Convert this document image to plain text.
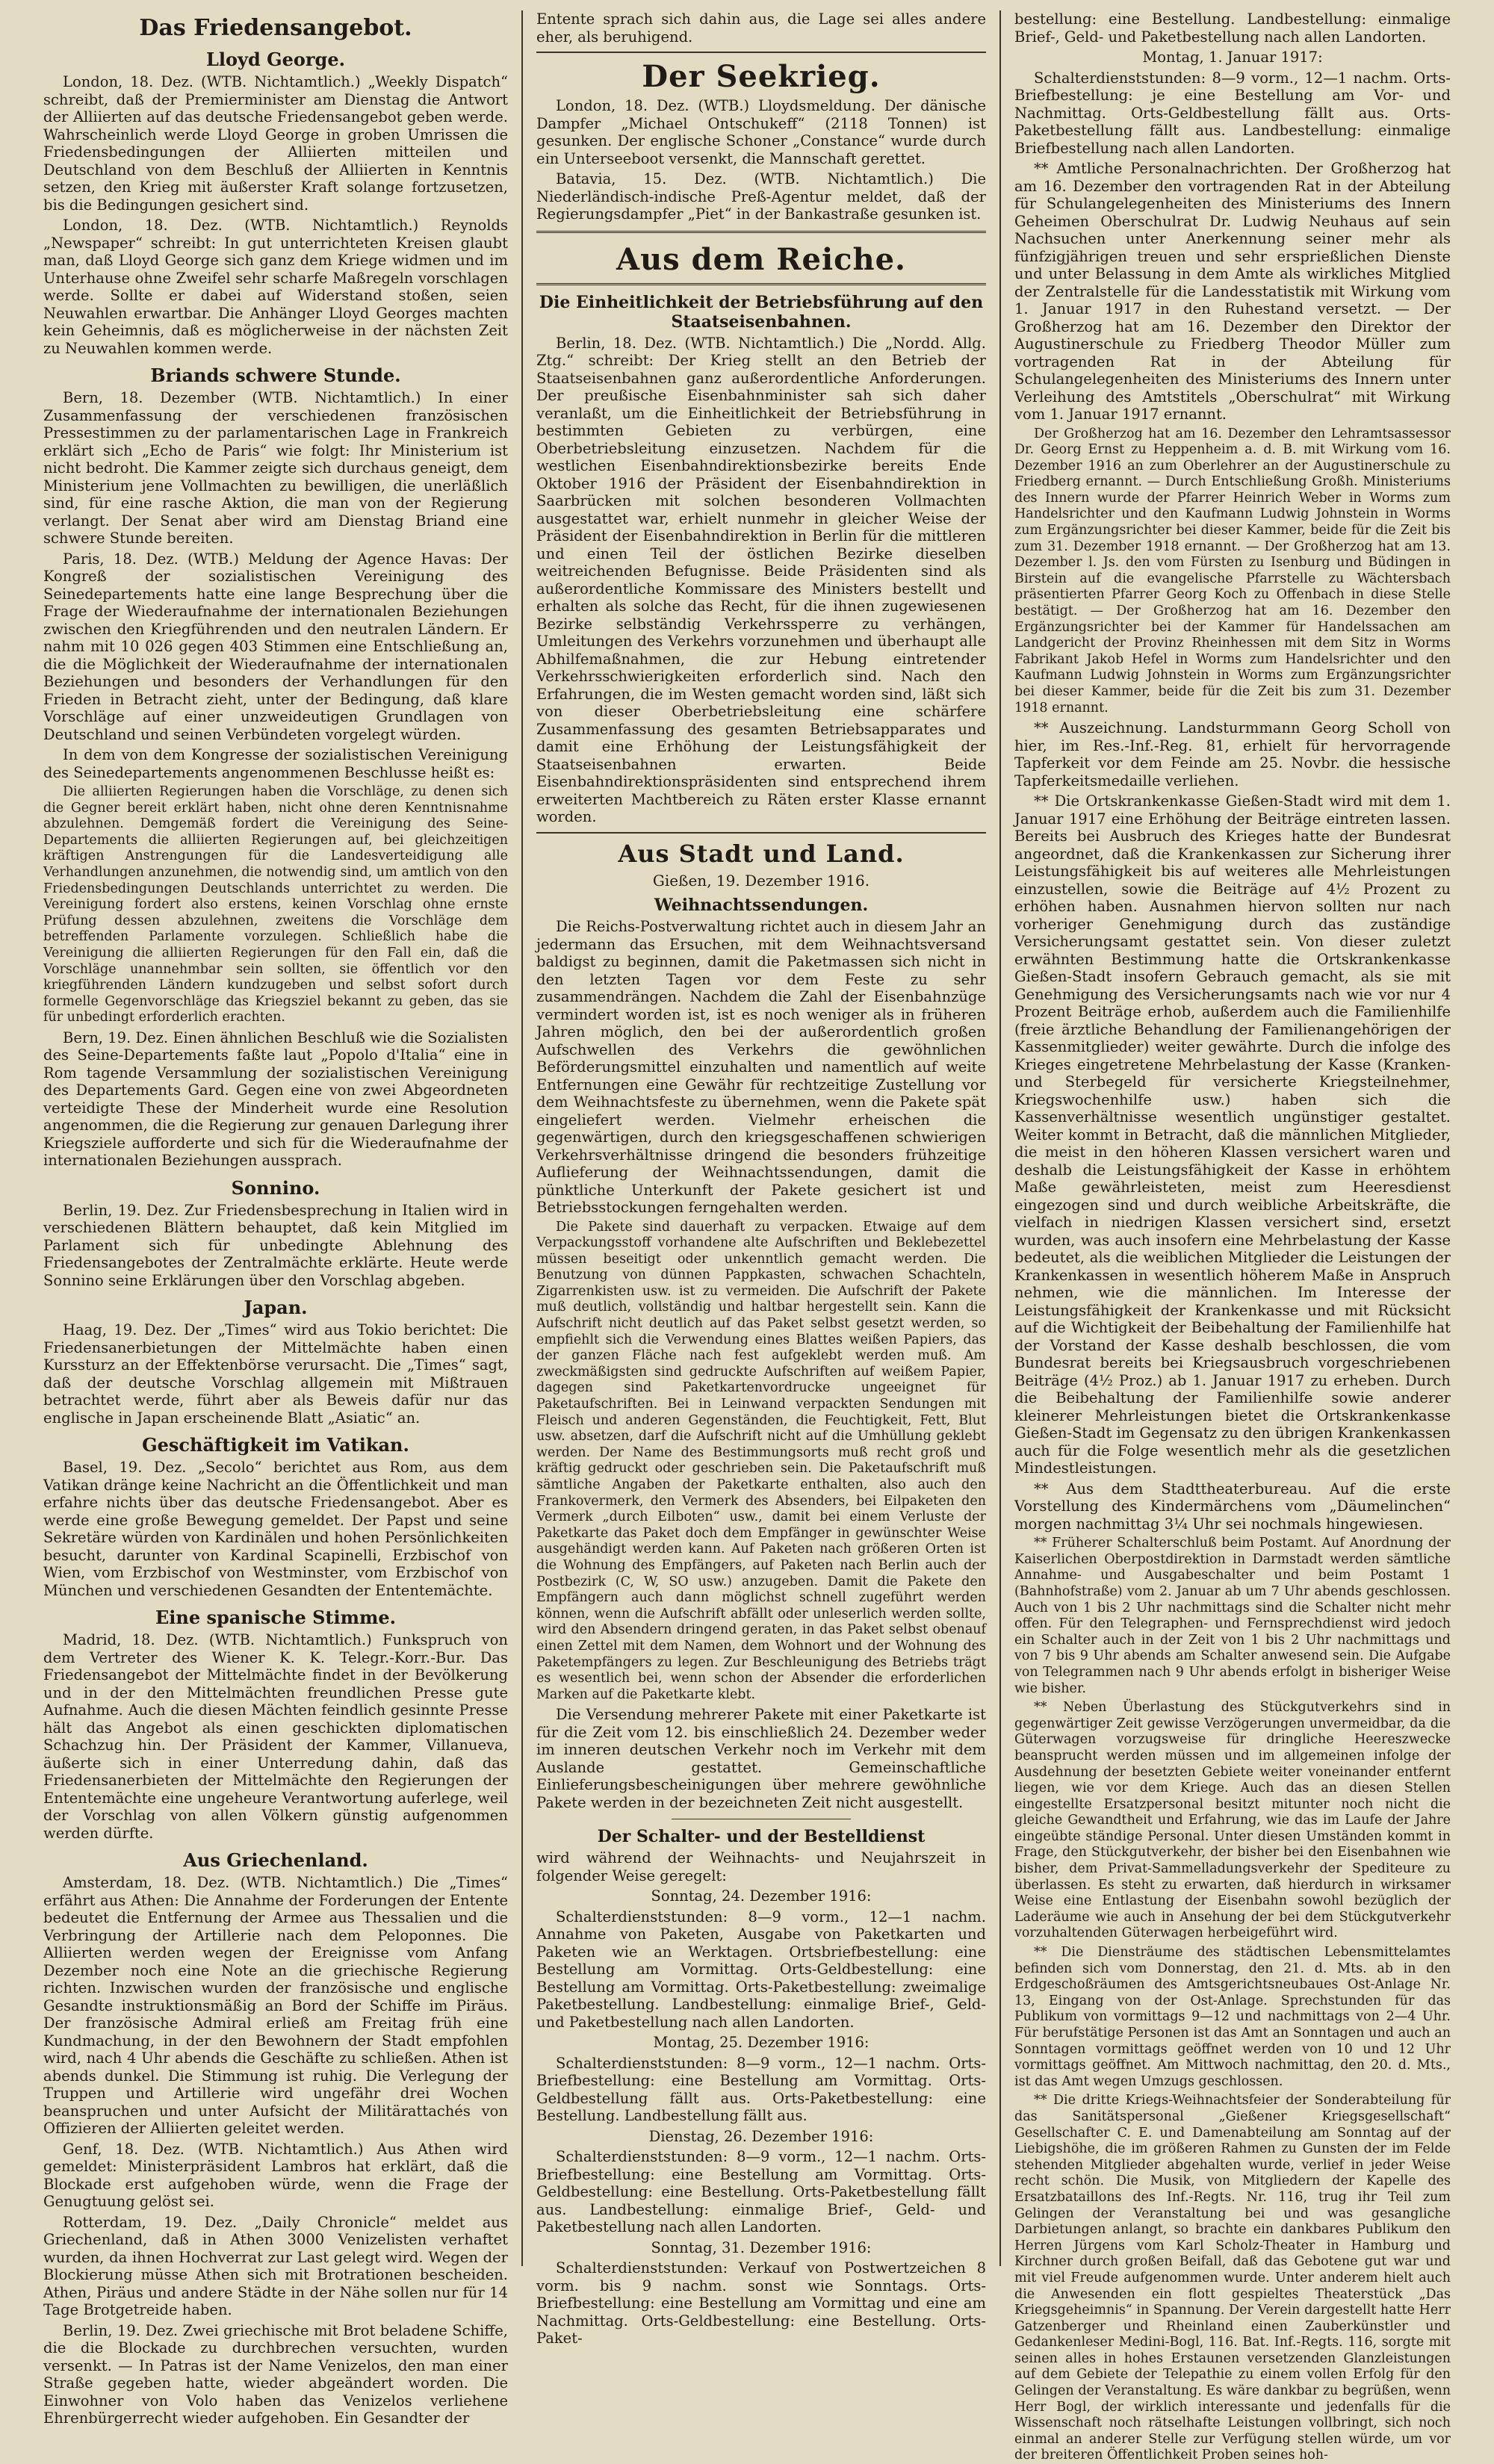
Das Friedensangebot.
Lloyd George.

London, 18. Dez. (WTB. Nichtamtlich.) „Weekly Dispatch“ schreibt, daß der Premierminister am Dienstag die Antwort der Alliierten auf das deutsche Friedensangebot geben werde. Wahrscheinlich werde Lloyd George in groben Umrissen die Friedensbedingungen der Alliierten mitteilen und Deutschland von dem Beschluß der Alliierten in Kenntnis setzen, den Krieg mit äußerster Kraft solange fortzusetzen, bis die Bedingungen gesichert sind.

London, 18. Dez. (WTB. Nichtamtlich.) Reynolds „Newspaper“ schreibt: In gut unterrichteten Kreisen glaubt man, daß Lloyd George sich ganz dem Kriege widmen und im Unterhause ohne Zweifel sehr scharfe Maßregeln vorschlagen werde. Sollte er dabei auf Widerstand stoßen, seien Neuwahlen erwartbar. Die Anhänger Lloyd Georges machten kein Geheimnis, daß es möglicherweise in der nächsten Zeit zu Neuwahlen kommen werde.

Briands schwere Stunde.

Bern, 18. Dezember (WTB. Nichtamtlich.) In einer Zusammenfassung der verschiedenen französischen Pressestimmen zu der parlamentarischen Lage in Frankreich erklärt sich „Echo de Paris“ wie folgt: Ihr Ministerium ist nicht bedroht. Die Kammer zeigte sich durchaus geneigt, dem Ministerium jene Vollmachten zu bewilligen, die unerläßlich sind, für eine rasche Aktion, die man von der Regierung verlangt. Der Senat aber wird am Dienstag Briand eine schwere Stunde bereiten.

Paris, 18. Dez. (WTB.) Meldung der Agence Havas: Der Kongreß der sozialistischen Vereinigung des Seinedepartements hatte eine lange Besprechung über die Frage der Wiederaufnahme der internationalen Beziehungen zwischen den Kriegführenden und den neutralen Ländern. Er nahm mit 10 026 gegen 403 Stimmen eine Entschließung an, die die Möglichkeit der Wiederaufnahme der internationalen Beziehungen und besonders der Verhandlungen für den Frieden in Betracht zieht, unter der Bedingung, daß klare Vorschläge auf einer unzweideutigen Grundlagen von Deutschland und seinen Verbündeten vorgelegt würden.

In dem von dem Kongresse der sozialistischen Vereinigung des Seinedepartements angenommenen Beschlusse heißt es:

Die alliierten Regierungen haben die Vorschläge, zu denen sich die Gegner bereit erklärt haben, nicht ohne deren Kenntnisnahme abzulehnen. Demgemäß fordert die Vereinigung des Seine-Departements die alliierten Regierungen auf, bei gleichzeitigen kräftigen Anstrengungen für die Landesverteidigung alle Verhandlungen anzunehmen, die notwendig sind, um amtlich von den Friedensbedingungen Deutschlands unterrichtet zu werden. Die Vereinigung fordert also erstens, keinen Vorschlag ohne ernste Prüfung dessen abzulehnen, zweitens die Vorschläge dem betreffenden Parlamente vorzulegen. Schließlich habe die Vereinigung die alliierten Regierungen für den Fall ein, daß die Vorschläge unannehmbar sein sollten, sie öffentlich vor den kriegführenden Ländern kundzugeben und selbst sofort durch formelle Gegenvorschläge das Kriegsziel bekannt zu geben, das sie für unbedingt erforderlich erachten.

Bern, 19. Dez. Einen ähnlichen Beschluß wie die Sozialisten des Seine-Departements faßte laut „Popolo d'Italia“ eine in Rom tagende Versammlung der sozialistischen Vereinigung des Departements Gard. Gegen eine von zwei Abgeordneten verteidigte These der Minderheit wurde eine Resolution angenommen, die die Regierung zur genauen Darlegung ihrer Kriegsziele aufforderte und sich für die Wiederaufnahme der internationalen Beziehungen aussprach.

Sonnino.

Berlin, 19. Dez. Zur Friedensbesprechung in Italien wird in verschiedenen Blättern behauptet, daß kein Mitglied im Parlament sich für unbedingte Ablehnung des Friedensangebotes der Zentralmächte erklärte. Heute werde Sonnino seine Erklärungen über den Vorschlag abgeben.

Japan.

Haag, 19. Dez. Der „Times“ wird aus Tokio berichtet: Die Friedensanerbietungen der Mittelmächte haben einen Kurssturz an der Effektenbörse verursacht. Die „Times“ sagt, daß der deutsche Vorschlag allgemein mit Mißtrauen betrachtet werde, führt aber als Beweis dafür nur das englische in Japan erscheinende Blatt „Asiatic“ an.

Geschäftigkeit im Vatikan.

Basel, 19. Dez. „Secolo“ berichtet aus Rom, aus dem Vatikan dränge keine Nachricht an die Öffentlichkeit und man erfahre nichts über das deutsche Friedensangebot. Aber es werde eine große Bewegung gemeldet. Der Papst und seine Sekretäre würden von Kardinälen und hohen Persönlichkeiten besucht, darunter von Kardinal Scapinelli, Erzbischof von Wien, vom Erzbischof von Westminster, vom Erzbischof von München und verschiedenen Gesandten der Ententemächte.

Eine spanische Stimme.

Madrid, 18. Dez. (WTB. Nichtamtlich.) Funkspruch von dem Vertreter des Wiener K. K. Telegr.-Korr.-Bur. Das Friedensangebot der Mittelmächte findet in der Bevölkerung und in der den Mittelmächten freundlichen Presse gute Aufnahme. Auch die diesen Mächten feindlich gesinnte Presse hält das Angebot als einen geschickten diplomatischen Schachzug hin. Der Präsident der Kammer, Villanueva, äußerte sich in einer Unterredung dahin, daß das Friedensanerbieten der Mittelmächte den Regierungen der Ententemächte eine ungeheure Verantwortung auferlege, weil der Vorschlag von allen Völkern günstig aufgenommen werden dürfte.

Aus Griechenland.

Amsterdam, 18. Dez. (WTB. Nichtamtlich.) Die „Times“ erfährt aus Athen: Die Annahme der Forderungen der Entente bedeutet die Entfernung der Armee aus Thessalien und die Verbringung der Artillerie nach dem Peloponnes. Die Alliierten werden wegen der Ereignisse vom Anfang Dezember noch eine Note an die griechische Regierung richten. Inzwischen wurden der französische und englische Gesandte instruktionsmäßig an Bord der Schiffe im Piräus. Der französische Admiral erließ am Freitag früh eine Kundmachung, in der den Bewohnern der Stadt empfohlen wird, nach 4 Uhr abends die Geschäfte zu schließen. Athen ist abends dunkel. Die Stimmung ist ruhig. Die Verlegung der Truppen und Artillerie wird ungefähr drei Wochen beanspruchen und unter Aufsicht der Militärattachés von Offizieren der Alliierten geleitet werden.

Genf, 18. Dez. (WTB. Nichtamtlich.) Aus Athen wird gemeldet: Ministerpräsident Lambros hat erklärt, daß die Blockade erst aufgehoben würde, wenn die Frage der Genugtuung gelöst sei.

Rotterdam, 19. Dez. „Daily Chronicle“ meldet aus Griechenland, daß in Athen 3000 Venizelisten verhaftet wurden, da ihnen Hochverrat zur Last gelegt wird. Wegen der Blockierung müsse Athen sich mit Brotrationen bescheiden. Athen, Piräus und andere Städte in der Nähe sollen nur für 14 Tage Brotgetreide haben.

Berlin, 19. Dez. Zwei griechische mit Brot beladene Schiffe, die die Blockade zu durchbrechen versuchten, wurden versenkt. — In Patras ist der Name Venizelos, den man einer Straße gegeben hatte, wieder abgeändert worden. Die Einwohner von Volo haben das Venizelos verliehene Ehrenbürgerrecht wieder aufgehoben. Ein Gesandter der

Entente sprach sich dahin aus, die Lage sei alles andere eher, als beruhigend.

Der Seekrieg.

London, 18. Dez. (WTB.) Lloydsmeldung. Der dänische Dampfer „Michael Ontschukeff“ (2118 Tonnen) ist gesunken. Der englische Schoner „Constance“ wurde durch ein Unterseeboot versenkt, die Mannschaft gerettet.

Batavia, 15. Dez. (WTB. Nichtamtlich.) Die Niederländisch-indische Preß-Agentur meldet, daß der Regierungsdampfer „Piet“ in der Bankastraße gesunken ist.

Aus dem Reiche.
Die Einheitlichkeit der Betriebsführung auf den Staatseisenbahnen.

Berlin, 18. Dez. (WTB. Nichtamtlich.) Die „Nordd. Allg. Ztg.“ schreibt: Der Krieg stellt an den Betrieb der Staatseisenbahnen ganz außerordentliche Anforderungen. Der preußische Eisenbahnminister sah sich daher veranlaßt, um die Einheitlichkeit der Betriebsführung in bestimmten Gebieten zu verbürgen, eine Oberbetriebsleitung einzusetzen. Nachdem für die westlichen Eisenbahndirektionsbezirke bereits Ende Oktober 1916 der Präsident der Eisenbahndirektion in Saarbrücken mit solchen besonderen Vollmachten ausgestattet war, erhielt nunmehr in gleicher Weise der Präsident der Eisenbahndirektion in Berlin für die mittleren und einen Teil der östlichen Bezirke dieselben weitreichenden Befugnisse. Beide Präsidenten sind als außerordentliche Kommissare des Ministers bestellt und erhalten als solche das Recht, für die ihnen zugewiesenen Bezirke selbständig Verkehrssperre zu verhängen, Umleitungen des Verkehrs vorzunehmen und überhaupt alle Abhilfemaßnahmen, die zur Hebung eintretender Verkehrsschwierigkeiten erforderlich sind. Nach den Erfahrungen, die im Westen gemacht worden sind, läßt sich von dieser Oberbetriebsleitung eine schärfere Zusammenfassung des gesamten Betriebsapparates und damit eine Erhöhung der Leistungsfähigkeit der Staatseisenbahnen erwarten. Beide Eisenbahndirektionspräsidenten sind entsprechend ihrem erweiterten Machtbereich zu Räten erster Klasse ernannt worden.

Aus Stadt und Land.

Gießen, 19. Dezember 1916.

Weihnachtssendungen.

Die Reichs-Postverwaltung richtet auch in diesem Jahr an jedermann das Ersuchen, mit dem Weihnachtsversand baldigst zu beginnen, damit die Paketmassen sich nicht in den letzten Tagen vor dem Feste zu sehr zusammendrängen. Nachdem die Zahl der Eisenbahnzüge vermindert worden ist, ist es noch weniger als in früheren Jahren möglich, den bei der außerordentlich großen Aufschwellen des Verkehrs die gewöhnlichen Beförderungsmittel einzuhalten und namentlich auf weite Entfernungen eine Gewähr für rechtzeitige Zustellung vor dem Weihnachtsfeste zu übernehmen, wenn die Pakete spät eingeliefert werden. Vielmehr erheischen die gegenwärtigen, durch den kriegsgeschaffenen schwierigen Verkehrsverhältnisse dringend die besonders frühzeitige Auflieferung der Weihnachtssendungen, damit die pünktliche Unterkunft der Pakete gesichert ist und Betriebsstockungen ferngehalten werden.

Die Pakete sind dauerhaft zu verpacken. Etwaige auf dem Verpackungsstoff vorhandene alte Aufschriften und Beklebezettel müssen beseitigt oder unkenntlich gemacht werden. Die Benutzung von dünnen Pappkasten, schwachen Schachteln, Zigarrenkisten usw. ist zu vermeiden. Die Aufschrift der Pakete muß deutlich, vollständig und haltbar hergestellt sein. Kann die Aufschrift nicht deutlich auf das Paket selbst gesetzt werden, so empfiehlt sich die Verwendung eines Blattes weißen Papiers, das der ganzen Fläche nach fest aufgeklebt werden muß. Am zweckmäßigsten sind gedruckte Aufschriften auf weißem Papier, dagegen sind Paketkartenvordrucke ungeeignet für Paketaufschriften. Bei in Leinwand verpackten Sendungen mit Fleisch und anderen Gegenständen, die Feuchtigkeit, Fett, Blut usw. absetzen, darf die Aufschrift nicht auf die Umhüllung geklebt werden. Der Name des Bestimmungsorts muß recht groß und kräftig gedruckt oder geschrieben sein. Die Paketaufschrift muß sämtliche Angaben der Paketkarte enthalten, also auch den Frankovermerk, den Vermerk des Absenders, bei Eilpaketen den Vermerk „durch Eilboten“ usw., damit bei einem Verluste der Paketkarte das Paket doch dem Empfänger in gewünschter Weise ausgehändigt werden kann. Auf Paketen nach größeren Orten ist die Wohnung des Empfängers, auf Paketen nach Berlin auch der Postbezirk (C, W, SO usw.) anzugeben. Damit die Pakete den Empfängern auch dann möglichst schnell zugeführt werden können, wenn die Aufschrift abfällt oder unleserlich werden sollte, wird den Absendern dringend geraten, in das Paket selbst obenauf einen Zettel mit dem Namen, dem Wohnort und der Wohnung des Paketempfängers zu legen. Zur Beschleunigung des Betriebs trägt es wesentlich bei, wenn schon der Absender die erforderlichen Marken auf die Paketkarte klebt.

Die Versendung mehrerer Pakete mit einer Paketkarte ist für die Zeit vom 12. bis einschließlich 24. Dezember weder im inneren deutschen Verkehr noch im Verkehr mit dem Auslande gestattet. Gemeinschaftliche Einlieferungsbescheinigungen über mehrere gewöhnliche Pakete werden in der bezeichneten Zeit nicht ausgestellt.

Der Schalter- und der Bestelldienst

wird während der Weihnachts- und Neujahrszeit in folgender Weise geregelt:

Sonntag, 24. Dezember 1916:

Schalterdienststunden: 8—9 vorm., 12—1 nachm. Annahme von Paketen, Ausgabe von Paketkarten und Paketen wie an Werktagen. Ortsbriefbestellung: eine Bestellung am Vormittag. Orts-Geldbestellung: eine Bestellung am Vormittag. Orts-Paketbestellung: zweimalige Paketbestellung. Landbestellung: einmalige Brief-, Geld- und Paketbestellung nach allen Landorten.

Montag, 25. Dezember 1916:

Schalterdienststunden: 8—9 vorm., 12—1 nachm. Orts-Briefbestellung: eine Bestellung am Vormittag. Orts-Geldbestellung fällt aus. Orts-Paketbestellung: eine Bestellung. Landbestellung fällt aus.

Dienstag, 26. Dezember 1916:

Schalterdienststunden: 8—9 vorm., 12—1 nachm. Orts-Briefbestellung: eine Bestellung am Vormittag. Orts-Geldbestellung: eine Bestellung. Orts-Paketbestellung fällt aus. Landbestellung: einmalige Brief-, Geld- und Paketbestellung nach allen Landorten.

Sonntag, 31. Dezember 1916:

Schalterdienststunden: Verkauf von Postwertzeichen 8 vorm. bis 9 nachm. sonst wie Sonntags. Orts-Briefbestellung: eine Bestellung am Vormittag und eine am Nachmittag. Orts-Geldbestellung: eine Bestellung. Orts-Paket-

bestellung: eine Bestellung. Landbestellung: einmalige Brief-, Geld- und Paketbestellung nach allen Landorten.

Montag, 1. Januar 1917:

Schalterdienststunden: 8—9 vorm., 12—1 nachm. Orts-Briefbestellung: je eine Bestellung am Vor- und Nachmittag. Orts-Geldbestellung fällt aus. Orts-Paketbestellung fällt aus. Landbestellung: einmalige Briefbestellung nach allen Landorten.

** Amtliche Personalnachrichten. Der Großherzog hat am 16. Dezember den vortragenden Rat in der Abteilung für Schulangelegenheiten des Ministeriums des Innern Geheimen Oberschulrat Dr. Ludwig Neuhaus auf sein Nachsuchen unter Anerkennung seiner mehr als fünfzigjährigen treuen und sehr ersprießlichen Dienste und unter Belassung in dem Amte als wirkliches Mitglied der Zentralstelle für die Landesstatistik mit Wirkung vom 1. Januar 1917 in den Ruhestand versetzt. — Der Großherzog hat am 16. Dezember den Direktor der Augustinerschule zu Friedberg Theodor Müller zum vortragenden Rat in der Abteilung für Schulangelegenheiten des Ministeriums des Innern unter Verleihung des Amtstitels „Oberschulrat“ mit Wirkung vom 1. Januar 1917 ernannt.

Der Großherzog hat am 16. Dezember den Lehramtsassessor Dr. Georg Ernst zu Heppenheim a. d. B. mit Wirkung vom 16. Dezember 1916 an zum Oberlehrer an der Augustinerschule zu Friedberg ernannt. — Durch Entschließung Großh. Ministeriums des Innern wurde der Pfarrer Heinrich Weber in Worms zum Handelsrichter und den Kaufmann Ludwig Johnstein in Worms zum Ergänzungsrichter bei dieser Kammer, beide für die Zeit bis zum 31. Dezember 1918 ernannt. — Der Großherzog hat am 13. Dezember l. Js. den vom Fürsten zu Isenburg und Büdingen in Birstein auf die evangelische Pfarrstelle zu Wächtersbach präsentierten Pfarrer Georg Koch zu Offenbach in diese Stelle bestätigt. — Der Großherzog hat am 16. Dezember den Ergänzungsrichter bei der Kammer für Handelssachen am Landgericht der Provinz Rheinhessen mit dem Sitz in Worms Fabrikant Jakob Hefel in Worms zum Handelsrichter und den Kaufmann Ludwig Johnstein in Worms zum Ergänzungsrichter bei dieser Kammer, beide für die Zeit bis zum 31. Dezember 1918 ernannt.

** Auszeichnung. Landsturmmann Georg Scholl von hier, im Res.-Inf.-Reg. 81, erhielt für hervorragende Tapferkeit vor dem Feinde am 25. Novbr. die hessische Tapferkeitsmedaille verliehen.

** Die Ortskrankenkasse Gießen-Stadt wird mit dem 1. Januar 1917 eine Erhöhung der Beiträge eintreten lassen. Bereits bei Ausbruch des Krieges hatte der Bundesrat angeordnet, daß die Krankenkassen zur Sicherung ihrer Leistungsfähigkeit bis auf weiteres alle Mehrleistungen einzustellen, sowie die Beiträge auf 4½ Prozent zu erhöhen haben. Ausnahmen hiervon sollten nur nach vorheriger Genehmigung durch das zuständige Versicherungsamt gestattet sein. Von dieser zuletzt erwähnten Bestimmung hatte die Ortskrankenkasse Gießen-Stadt insofern Gebrauch gemacht, als sie mit Genehmigung des Versicherungsamts nach wie vor nur 4 Prozent Beiträge erhob, außerdem auch die Familienhilfe (freie ärztliche Behandlung der Familienangehörigen der Kassenmitglieder) weiter gewährte. Durch die infolge des Krieges eingetretene Mehrbelastung der Kasse (Kranken- und Sterbegeld für versicherte Kriegsteilnehmer, Kriegswochenhilfe usw.) haben sich die Kassenverhältnisse wesentlich ungünstiger gestaltet. Weiter kommt in Betracht, daß die männlichen Mitglieder, die meist in den höheren Klassen versichert waren und deshalb die Leistungsfähigkeit der Kasse in erhöhtem Maße gewährleisteten, meist zum Heeresdienst eingezogen sind und durch weibliche Arbeitskräfte, die vielfach in niedrigen Klassen versichert sind, ersetzt wurden, was auch insofern eine Mehrbelastung der Kasse bedeutet, als die weiblichen Mitglieder die Leistungen der Krankenkassen in wesentlich höherem Maße in Anspruch nehmen, wie die männlichen. Im Interesse der Leistungsfähigkeit der Krankenkasse und mit Rücksicht auf die Wichtigkeit der Beibehaltung der Familienhilfe hat der Vorstand der Kasse deshalb beschlossen, die vom Bundesrat bereits bei Kriegsausbruch vorgeschriebenen Beiträge (4½ Proz.) ab 1. Januar 1917 zu erheben. Durch die Beibehaltung der Familienhilfe sowie anderer kleinerer Mehrleistungen bietet die Ortskrankenkasse Gießen-Stadt im Gegensatz zu den übrigen Krankenkassen auch für die Folge wesentlich mehr als die gesetzlichen Mindestleistungen.

** Aus dem Stadttheaterbureau. Auf die erste Vorstellung des Kindermärchens vom „Däumelinchen“ morgen nachmittag 3¼ Uhr sei nochmals hingewiesen.

** Früherer Schalterschluß beim Postamt. Auf Anordnung der Kaiserlichen Oberpostdirektion in Darmstadt werden sämtliche Annahme- und Ausgabeschalter und beim Postamt 1 (Bahnhofstraße) vom 2. Januar ab um 7 Uhr abends geschlossen. Auch von 1 bis 2 Uhr nachmittags sind die Schalter nicht mehr offen. Für den Telegraphen- und Fernsprechdienst wird jedoch ein Schalter auch in der Zeit von 1 bis 2 Uhr nachmittags und von 7 bis 9 Uhr abends am Schalter anwesend sein. Die Aufgabe von Telegrammen nach 9 Uhr abends erfolgt in bisheriger Weise wie bisher.

** Neben Überlastung des Stückgutverkehrs sind in gegenwärtiger Zeit gewisse Verzögerungen unvermeidbar, da die Güterwagen vorzugsweise für dringliche Heereszwecke beansprucht werden müssen und im allgemeinen infolge der Ausdehnung der besetzten Gebiete weiter voneinander entfernt liegen, wie vor dem Kriege. Auch das an diesen Stellen eingestellte Ersatzpersonal besitzt mitunter noch nicht die gleiche Gewandtheit und Erfahrung, wie das im Laufe der Jahre eingeübte ständige Personal. Unter diesen Umständen kommt in Frage, den Stückgutverkehr, der bisher bei den Eisenbahnen wie bisher, dem Privat-Sammelladungsverkehr der Spediteure zu überlassen. Es steht zu erwarten, daß hierdurch in wirksamer Weise eine Entlastung der Eisenbahn sowohl bezüglich der Laderäume wie auch in Ansehung der bei dem Stückgutverkehr vorzuhaltenden Güterwagen herbeigeführt wird.

** Die Diensträume des städtischen Lebensmittelamtes befinden sich vom Donnerstag, den 21. d. Mts. ab in den Erdgeschoßräumen des Amtsgerichtsneubaues Ost-Anlage Nr. 13, Eingang von der Ost-Anlage. Sprechstunden für das Publikum von vormittags 9—12 und nachmittags von 2—4 Uhr. Für berufstätige Personen ist das Amt an Sonntagen und auch an Sonntagen vormittags geöffnet werden von 10 und 12 Uhr vormittags geöffnet. Am Mittwoch nachmittag, den 20. d. Mts., ist das Amt wegen Umzugs geschlossen.

** Die dritte Kriegs-Weihnachtsfeier der Sonderabteilung für das Sanitätspersonal „Gießener Kriegsgesellschaft“ Gesellschafter C. E. und Damenabteilung am Sonntag auf der Liebigshöhe, die im größeren Rahmen zu Gunsten der im Felde stehenden Mitglieder abgehalten wurde, verlief in jeder Weise recht schön. Die Musik, von Mitgliedern der Kapelle des Ersatzbataillons des Inf.-Regts. Nr. 116, trug ihr Teil zum Gelingen der Veranstaltung bei und was gesangliche Darbietungen anlangt, so brachte ein dankbares Publikum den Herren Jürgens vom Karl Scholz-Theater in Hamburg und Kirchner durch großen Beifall, daß das Gebotene gut war und mit viel Freude aufgenommen wurde. Unter anderem hielt auch die Anwesenden ein flott gespieltes Theaterstück „Das Kriegsgeheimnis“ in Spannung. Der Verein dargestellt hatte Herr Gatzenberger und Rheinland einen Zauberkünstler und Gedankenleser Medini-Bogl, 116. Bat. Inf.-Regts. 116, sorgte mit seinen alles in hohes Erstaunen versetzenden Glanzleistungen auf dem Gebiete der Telepathie zu einem vollen Erfolg für den Gelingen der Veranstaltung. Es wäre dankbar zu begrüßen, wenn Herr Bogl, der wirklich interessante und jedenfalls für die Wissenschaft noch rätselhafte Leistungen vollbringt, sich noch einmal an anderer Stelle zur Verfügung stellen würde, um vor der breiteren Öffentlichkeit Proben seines hoh-
